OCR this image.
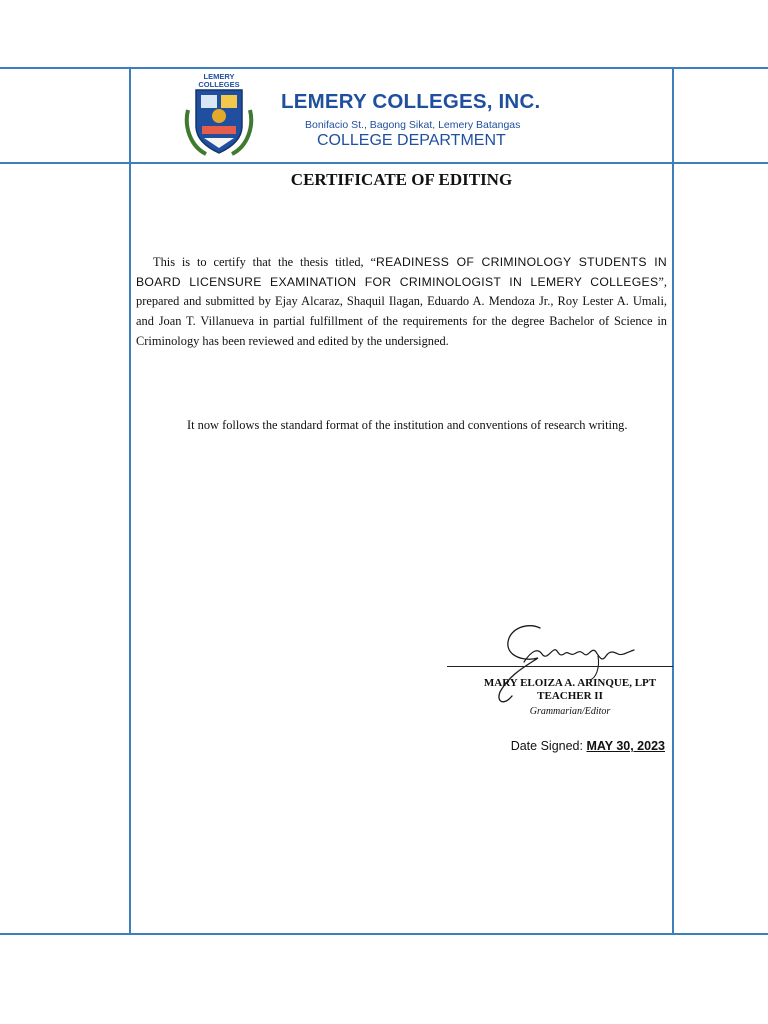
LEMERY
COLLEGES
LEMERY COLLEGES, INC.
Bonifacio St., Bagong Sikat, Lemery Batangas
COLLEGE DEPARTMENT
CERTIFICATE OF EDITING

This is to certify that the thesis titled, “READINESS OF CRIMINOLOGY STUDENTS IN BOARD LICENSURE EXAMINATION FOR CRIMINOLOGIST IN LEMERY COLLEGES”, prepared and submitted by Ejay Alcaraz, Shaquil Ilagan, Eduardo A. Mendoza Jr., Roy Lester A. Umali, and Joan T. Villanueva in partial fulfillment of the requirements for the degree Bachelor of Science in Criminology has been reviewed and edited by the undersigned.

It now follows the standard format of the institution and conventions of research writing.

MARY ELOIZA A. ARINQUE, LPT
TEACHER II
Grammarian/Editor
Date Signed: MAY 30, 2023
